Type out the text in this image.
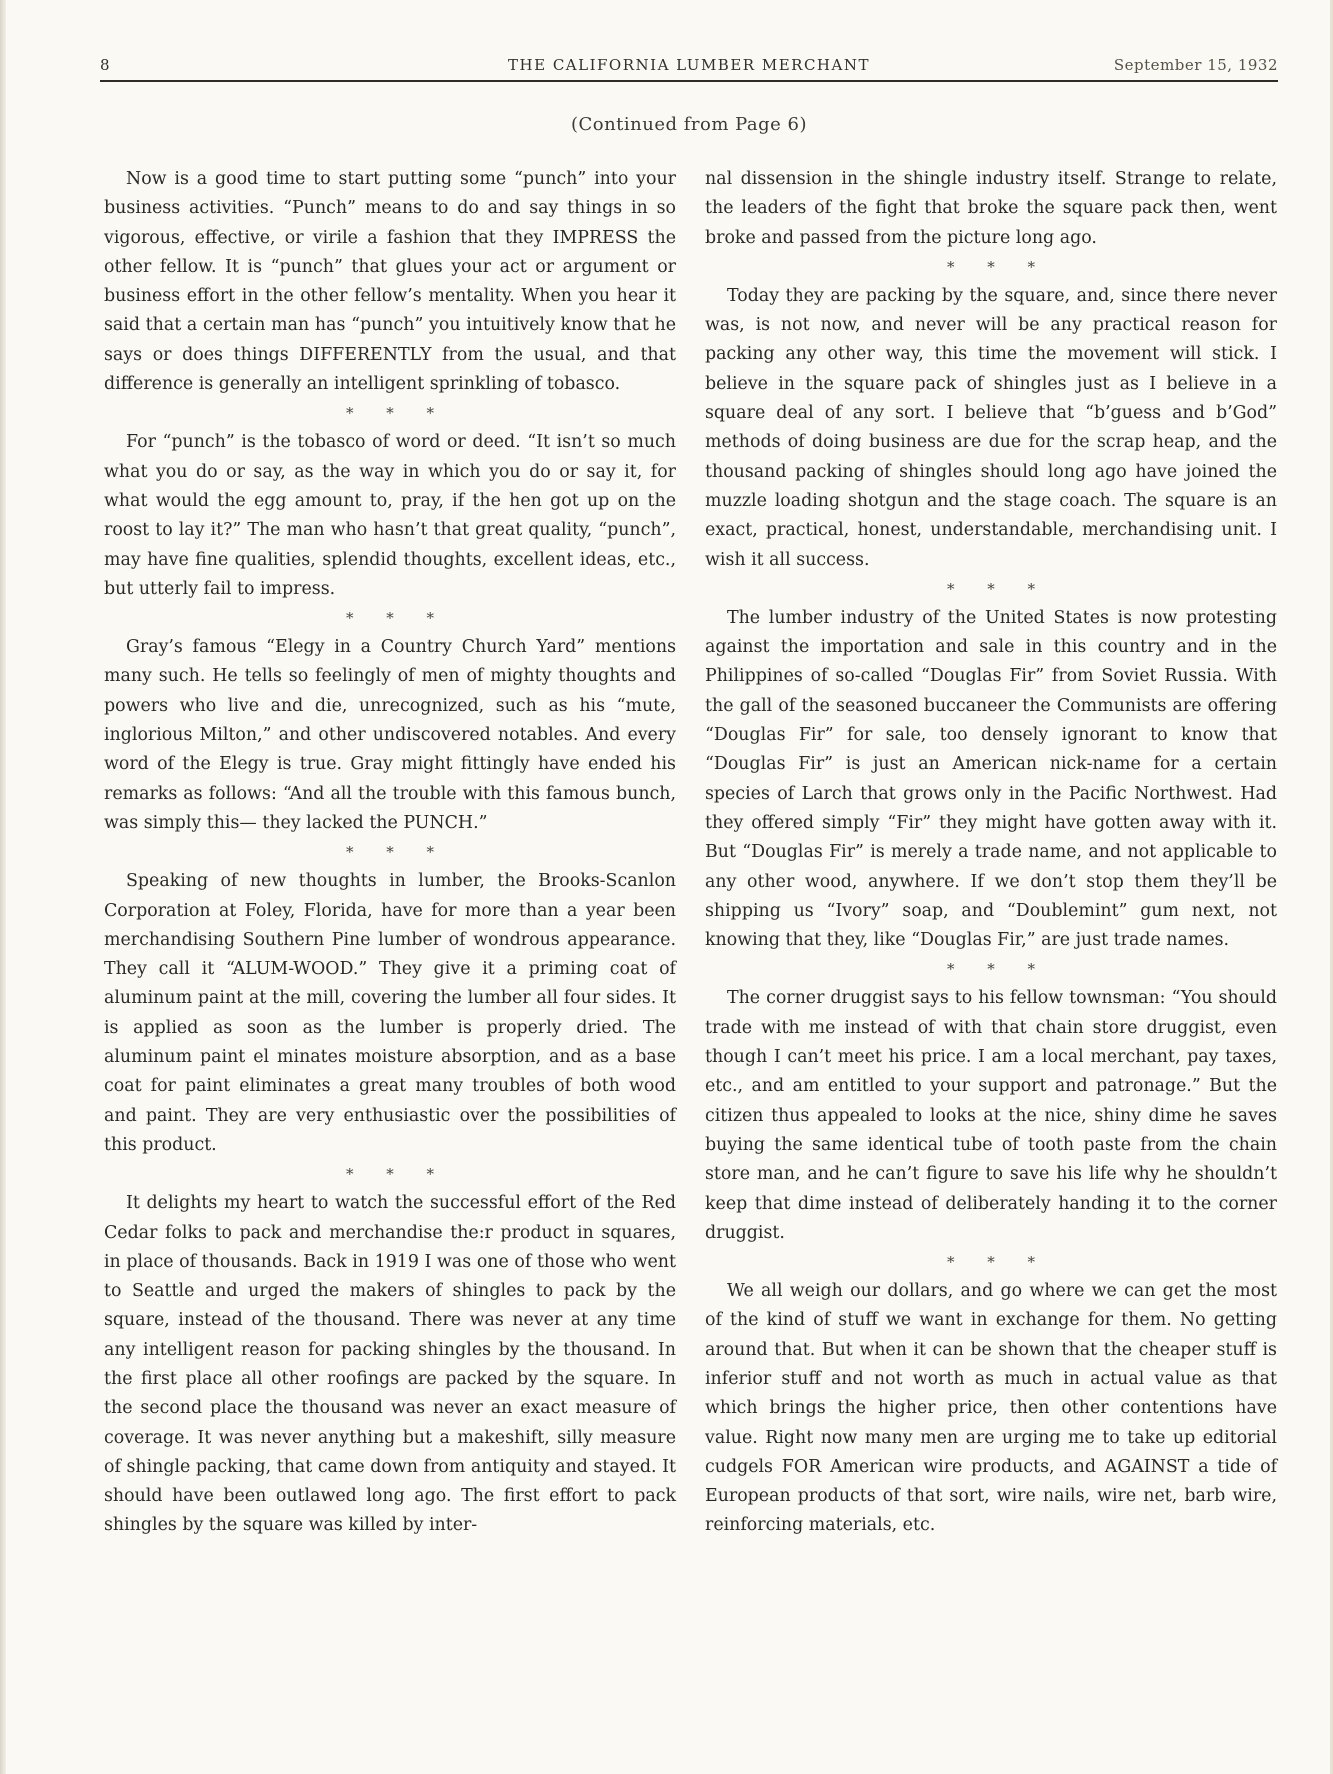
8	THE CALIFORNIA LUMBER MERCHANT	September 15, 1932
(Continued from Page 6)

Now is a good time to start putting some “punch” into your business activities. “Punch” means to do and say things in so vigorous, effective, or virile a fashion that they IMPRESS the other fellow. It is “punch” that glues your act or argument or business effort in the other fellow’s mentality. When you hear it said that a certain man has “punch” you intuitively know that he says or does things DIFFERENTLY from the usual, and that difference is generally an intelligent sprinkling of tobasco.

* * *

For “punch” is the tobasco of word or deed. “It isn’t so much what you do or say, as the way in which you do or say it, for what would the egg amount to, pray, if the hen got up on the roost to lay it?” The man who hasn’t that great quality, “punch”, may have fine qualities, splendid thoughts, excellent ideas, etc., but utterly fail to impress.

* * *

Gray’s famous “Elegy in a Country Church Yard” mentions many such. He tells so feelingly of men of mighty thoughts and powers who live and die, unrecognized, such as his “mute, inglorious Milton,” and other undiscovered notables. And every word of the Elegy is true. Gray might fittingly have ended his remarks as follows: “And all the trouble with this famous bunch, was simply this— they lacked the PUNCH.”

* * *

Speaking of new thoughts in lumber, the Brooks-Scanlon Corporation at Foley, Florida, have for more than a year been merchandising Southern Pine lumber of wondrous appearance. They call it “ALUM-WOOD.” They give it a priming coat of aluminum paint at the mill, covering the lumber all four sides. It is applied as soon as the lumber is properly dried. The aluminum paint el minates moisture absorption, and as a base coat for paint eliminates a great many troubles of both wood and paint. They are very enthusiastic over the possibilities of this product.

* * *

It delights my heart to watch the successful effort of the Red Cedar folks to pack and merchandise the:r product in squares, in place of thousands. Back in 1919 I was one of those who went to Seattle and urged the makers of shingles to pack by the square, instead of the thousand. There was never at any time any intelligent reason for packing shingles by the thousand. In the first place all other roofings are packed by the square. In the second place the thousand was never an exact measure of coverage. It was never anything but a makeshift, silly measure of shingle packing, that came down from antiquity and stayed. It should have been outlawed long ago. The first effort to pack shingles by the square was killed by inter-

nal dissension in the shingle industry itself. Strange to relate, the leaders of the fight that broke the square pack then, went broke and passed from the picture long ago.

* * *

Today they are packing by the square, and, since there never was, is not now, and never will be any practical reason for packing any other way, this time the movement will stick. I believe in the square pack of shingles just as I believe in a square deal of any sort. I believe that “b’guess and b’God” methods of doing business are due for the scrap heap, and the thousand packing of shingles should long ago have joined the muzzle loading shotgun and the stage coach. The square is an exact, practical, honest, understandable, merchandising unit. I wish it all success.

* * *

The lumber industry of the United States is now protesting against the importation and sale in this country and in the Philippines of so-called “Douglas Fir” from Soviet Russia. With the gall of the seasoned buccaneer the Communists are offering “Douglas Fir” for sale, too densely ignorant to know that “Douglas Fir” is just an American nick-name for a certain species of Larch that grows only in the Pacific Northwest. Had they offered simply “Fir” they might have gotten away with it. But “Douglas Fir” is merely a trade name, and not applicable to any other wood, anywhere. If we don’t stop them they’ll be shipping us “Ivory” soap, and “Doublemint” gum next, not knowing that they, like “Douglas Fir,” are just trade names.

* * *

The corner druggist says to his fellow townsman: “You should trade with me instead of with that chain store druggist, even though I can’t meet his price. I am a local merchant, pay taxes, etc., and am entitled to your support and patronage.” But the citizen thus appealed to looks at the nice, shiny dime he saves buying the same identical tube of tooth paste from the chain store man, and he can’t figure to save his life why he shouldn’t keep that dime instead of deliberately handing it to the corner druggist.

* * *

We all weigh our dollars, and go where we can get the most of the kind of stuff we want in exchange for them. No getting around that. But when it can be shown that the cheaper stuff is inferior stuff and not worth as much in actual value as that which brings the higher price, then other contentions have value. Right now many men are urging me to take up editorial cudgels FOR American wire products, and AGAINST a tide of European products of that sort, wire nails, wire net, barb wire, reinforcing materials, etc.
